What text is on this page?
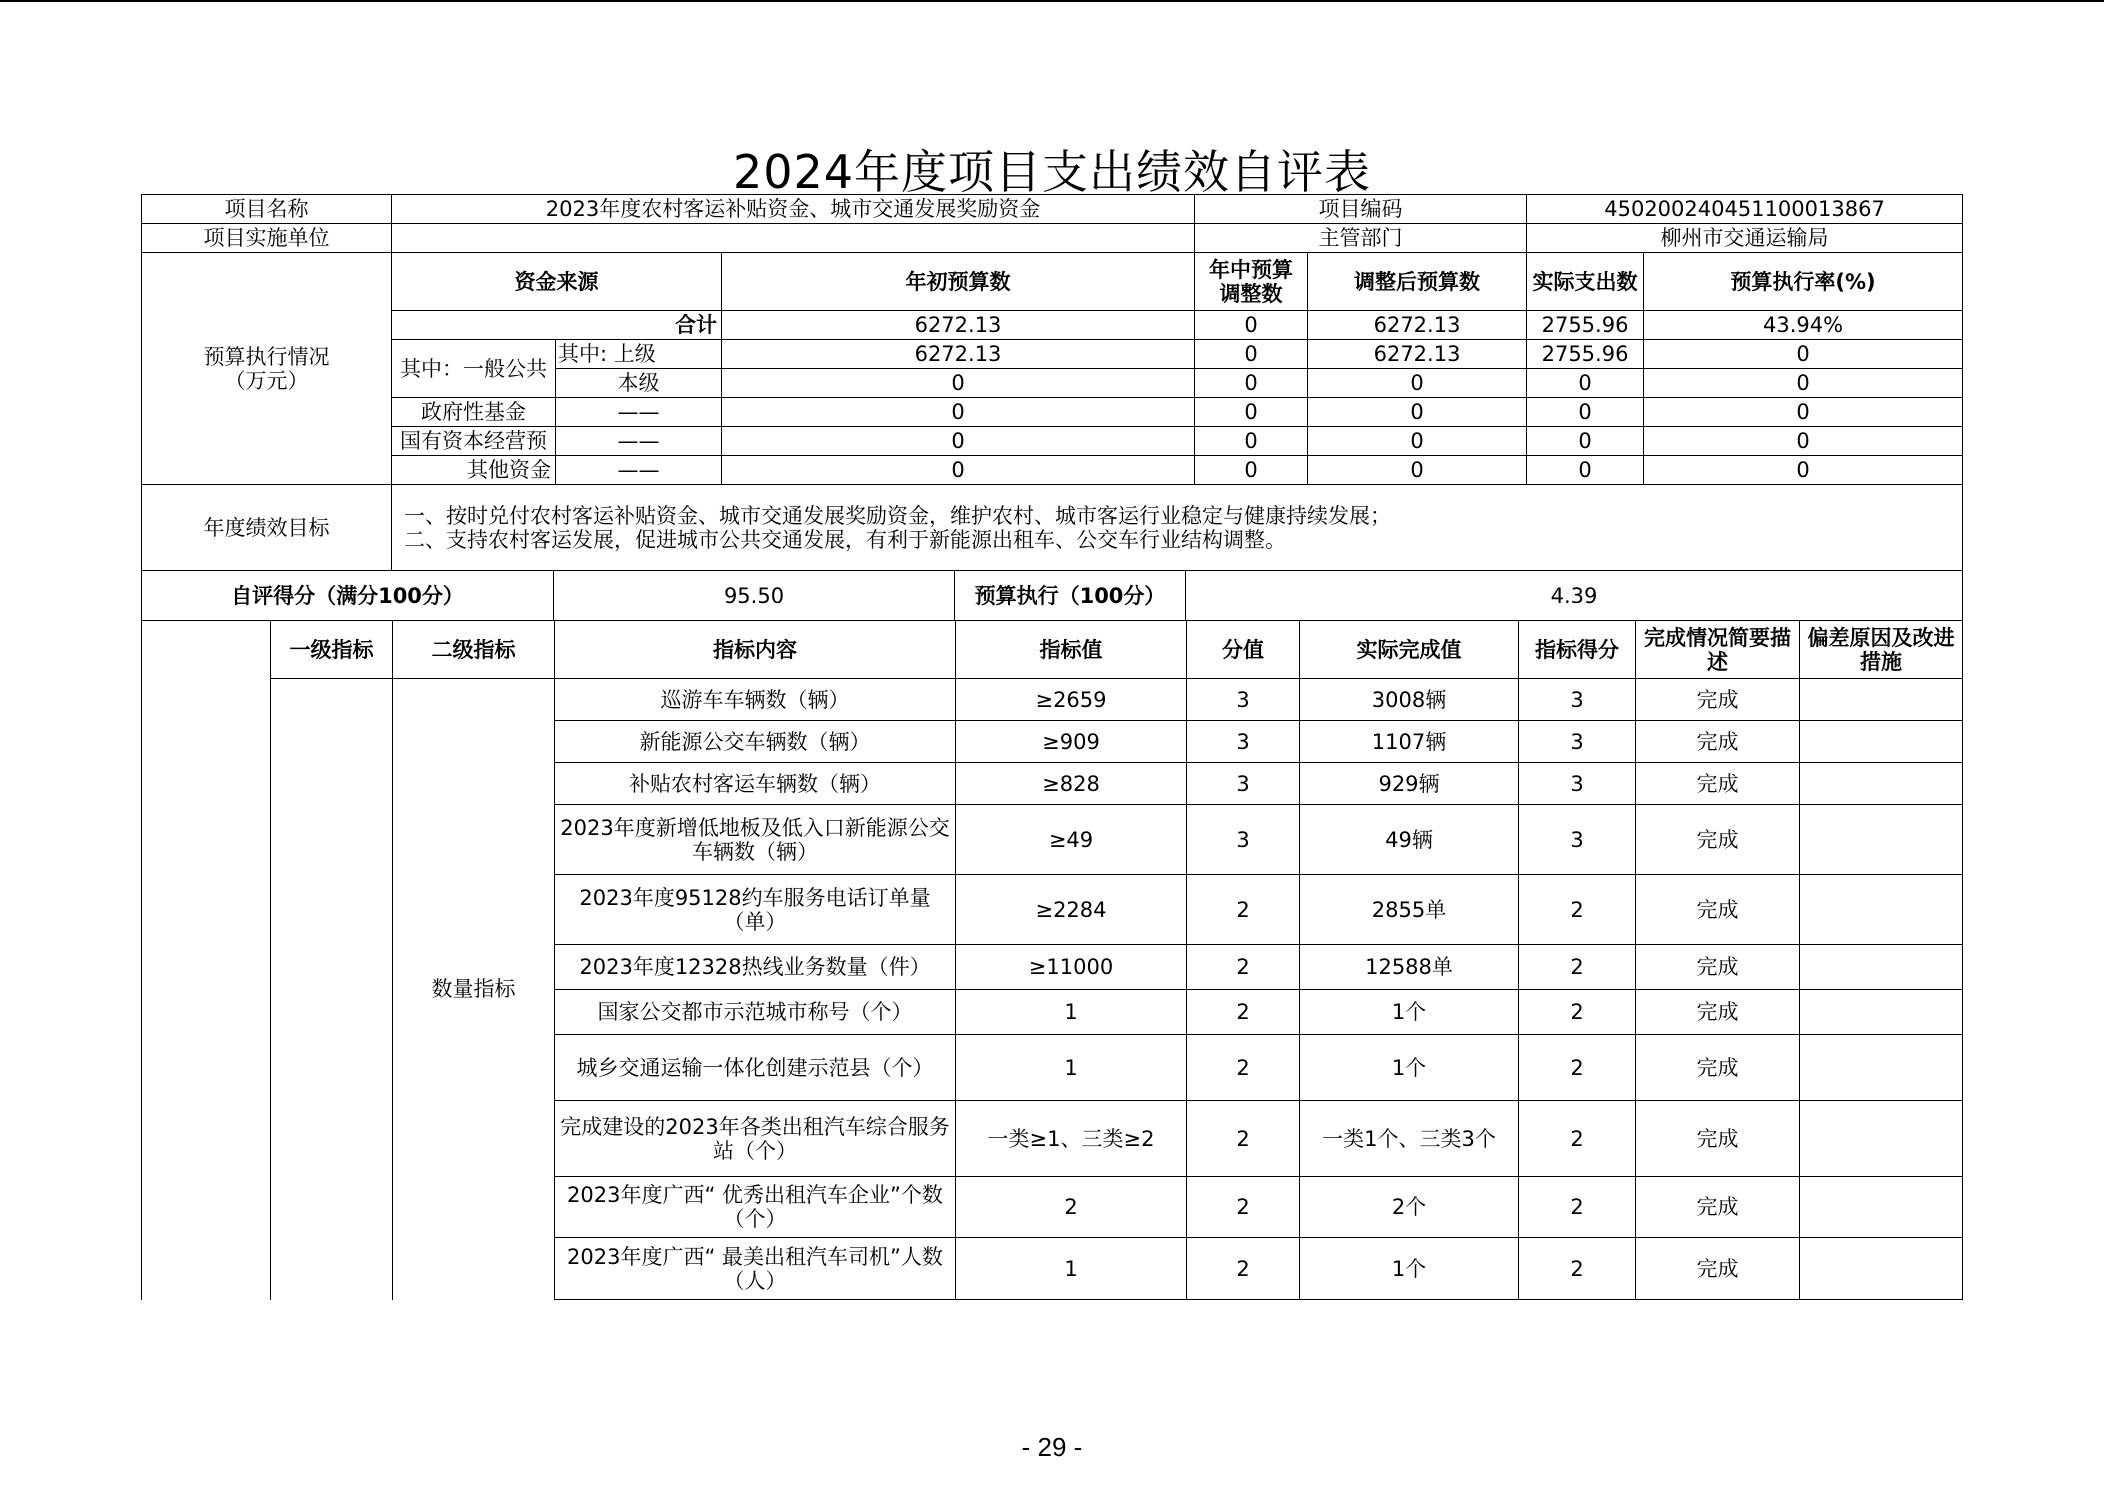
2024年度项目支出绩效自评表
项目名称	2023年度农村客运补贴资金、城市交通发展奖励资金			项目编码		450200240451100013867	
项目实施单位				主管部门		柳州市交通运输局	
预算执行情况
（万元）	资金来源		年初预算数	年中预算调整数	调整后预算数	实际支出数	预算执行率(%)
	合计		6272.13	0	6272.13	2755.96	43.94%
	其中：一般公共	其中: 上级	6272.13	0	6272.13	2755.96	0
		本级	0	0	0	0	0
	政府性基金	——	0	0	0	0	0
	国有资本经营预	——	0	0	0	0	0
	其他资金	——	0	0	0	0	0
年度绩效目标	一、按时兑付农村客运补贴资金、城市交通发展奖励资金，维护农村、城市客运行业稳定与健康持续发展；
二、支持农村客运发展，促进城市公共交通发展，有利于新能源出租车、公交车行业结构调整。						
自评得分（满分100分）	95.50	预算执行（100分）	4.39
	一级指标	二级指标	指标内容	指标值	分值	实际完成值	指标得分	完成情况简要描述	偏差原因及改进措施
		数量指标	巡游车车辆数（辆）	≥2659	3	3008辆	3	完成	
			新能源公交车辆数（辆）	≥909	3	1107辆	3	完成	
			补贴农村客运车辆数（辆）	≥828	3	929辆	3	完成	
			2023年度新增低地板及低入口新能源公交车辆数（辆）	≥49	3	49辆	3	完成	
			2023年度95128约车服务电话订单量（单）	≥2284	2	2855单	2	完成	
			2023年度12328热线业务数量（件）	≥11000	2	12588单	2	完成	
			国家公交都市示范城市称号（个）	1	2	1个	2	完成	
			城乡交通运输一体化创建示范县（个）	1	2	1个	2	完成	
			完成建设的2023年各类出租汽车综合服务站（个）	一类≥1、三类≥2	2	一类1个、三类3个	2	完成	
			2023年度广西“ 优秀出租汽车企业”个数（个）	2	2	2个	2	完成	
			2023年度广西“ 最美出租汽车司机”人数（人）	1	2	1个	2	完成	
- 29 -
